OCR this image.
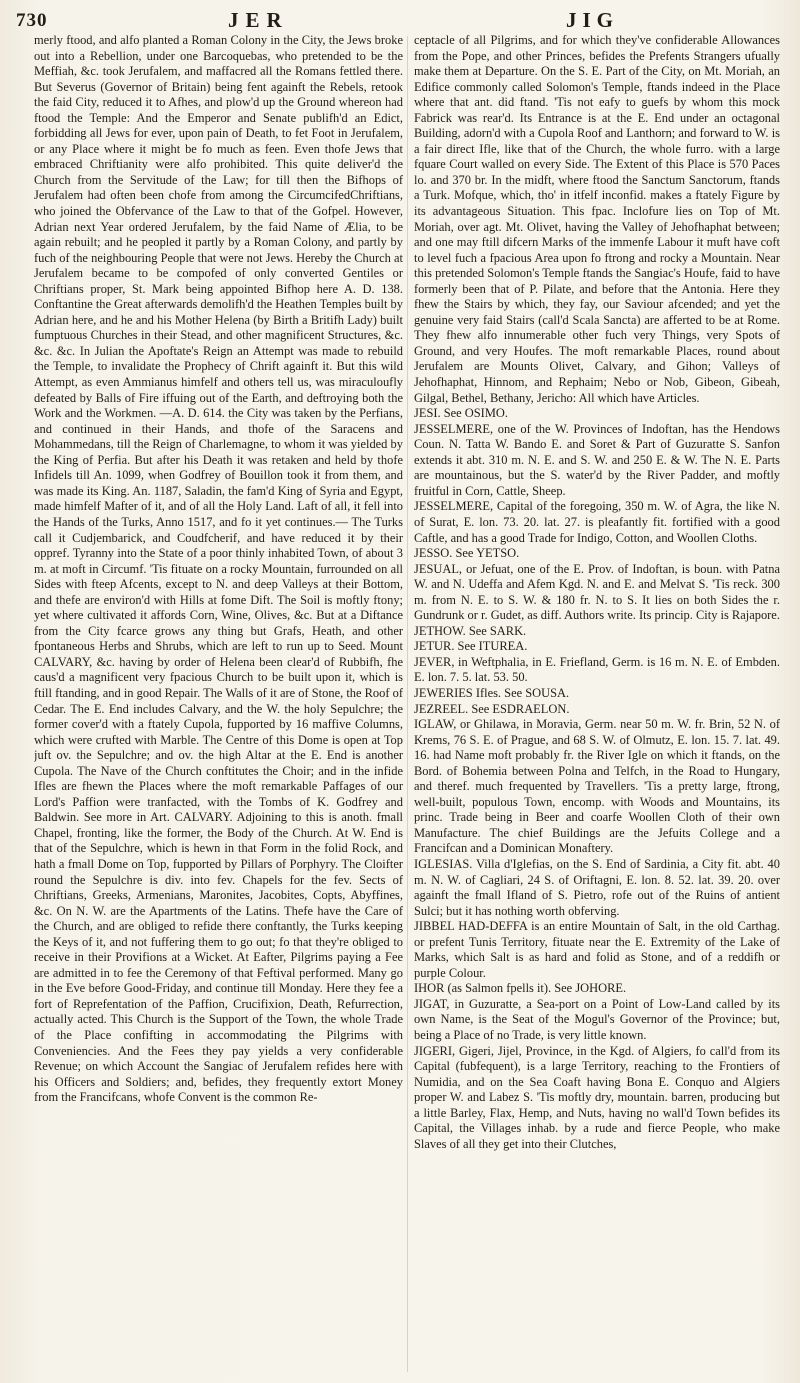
730	JER	JIG

merly ftood, and alfo planted a Roman Colony in the City, the Jews broke out into a Rebellion, under one Barcoquebas, who pretended to be the Meffiah, &c. took Jerufalem, and maffacred all the Romans fettled there. But Severus (Governor of Britain) being fent againft the Rebels, retook the faid City, reduced it to Afhes, and plow'd up the Ground whereon had ftood the Temple: And the Emperor and Senate publifh'd an Edict, forbidding all Jews for ever, upon pain of Death, to fet Foot in Jerufalem, or any Place where it might be fo much as feen. Even thofe Jews that embraced Chriftianity were alfo prohibited. This quite deliver'd the Church from the Servitude of the Law; for till then the Bifhops of Jerufalem had often been chofe from among the CircumcifedChriftians, who joined the Obfervance of the Law to that of the Gofpel. However, Adrian next Year ordered Jerufalem, by the faid Name of Ælia, to be again rebuilt; and he peopled it partly by a Roman Colony, and partly by fuch of the neighbouring People that were not Jews. Hereby the Church at Jerufalem became to be compofed of only converted Gentiles or Chriftians proper, St. Mark being appointed Bifhop here A. D. 138. Conftantine the Great afterwards demolifh'd the Heathen Temples built by Adrian here, and he and his Mother Helena (by Birth a Britifh Lady) built fumptuous Churches in their Stead, and other magnificent Structures, &c. &c. &c. In Julian the Apoftate's Reign an Attempt was made to rebuild the Temple, to invalidate the Prophecy of Chrift againft it. But this wild Attempt, as even Ammianus himfelf and others tell us, was miraculoufly defeated by Balls of Fire iffuing out of the Earth, and deftroying both the Work and the Workmen. —A. D. 614. the City was taken by the Perfians, and continued in their Hands, and thofe of the Saracens and Mohammedans, till the Reign of Charlemagne, to whom it was yielded by the King of Perfia. But after his Death it was retaken and held by thofe Infidels till An. 1099, when Godfrey of Bouillon took it from them, and was made its King. An. 1187, Saladin, the fam'd King of Syria and Egypt, made himfelf Mafter of it, and of all the Holy Land. Laft of all, it fell into the Hands of the Turks, Anno 1517, and fo it yet continues.— The Turks call it Cudjembarick, and Coudfcherif, and have reduced it by their oppref. Tyranny into the State of a poor thinly inhabited Town, of about 3 m. at moft in Circumf. 'Tis fituate on a rocky Mountain, furrounded on all Sides with fteep Afcents, except to N. and deep Valleys at their Bottom, and thefe are environ'd with Hills at fome Dift. The Soil is moftly ftony; yet where cultivated it affords Corn, Wine, Olives, &c. But at a Diftance from the City fcarce grows any thing but Grafs, Heath, and other fpontaneous Herbs and Shrubs, which are left to run up to Seed. Mount CALVARY, &c. having by order of Helena been clear'd of Rubbifh, fhe caus'd a magnificent very fpacious Church to be built upon it, which is ftill ftanding, and in good Repair. The Walls of it are of Stone, the Roof of Cedar. The E. End includes Calvary, and the W. the holy Sepulchre; the former cover'd with a ftately Cupola, fupported by 16 maffive Columns, which were crufted with Marble. The Centre of this Dome is open at Top juft ov. the Sepulchre; and ov. the high Altar at the E. End is another Cupola. The Nave of the Church conftitutes the Choir; and in the infide Ifles are fhewn the Places where the moft remarkable Paffages of our Lord's Paffion were tranfacted, with the Tombs of K. Godfrey and Baldwin. See more in Art. CALVARY. Adjoining to this is anoth. fmall Chapel, fronting, like the former, the Body of the Church. At W. End is that of the Sepulchre, which is hewn in that Form in the folid Rock, and hath a fmall Dome on Top, fupported by Pillars of Porphyry. The Cloifter round the Sepulchre is div. into fev. Chapels for the fev. Sects of Chriftians, Greeks, Armenians, Maronites, Jacobites, Copts, Abyffines, &c. On N. W. are the Apartments of the Latins. Thefe have the Care of the Church, and are obliged to refide there conftantly, the Turks keeping the Keys of it, and not fuffering them to go out; fo that they're obliged to receive in their Provifions at a Wicket. At Eafter, Pilgrims paying a Fee are admitted in to fee the Ceremony of that Feftival performed. Many go in the Eve before Good-Friday, and continue till Monday. Here they fee a fort of Reprefentation of the Paffion, Crucifixion, Death, Refurrection, actually acted. This Church is the Support of the Town, the whole Trade of the Place confifting in accommodating the Pilgrims with Conveniencies. And the Fees they pay yields a very confiderable Revenue; on which Account the Sangiac of Jerufalem refides here with his Officers and Soldiers; and, befides, they frequently extort Money from the Francifcans, whofe Convent is the common Re-

ceptacle of all Pilgrims, and for which they've confiderable Allowances from the Pope, and other Princes, befides the Prefents Strangers ufually make them at Departure. On the S. E. Part of the City, on Mt. Moriah, an Edifice commonly called Solomon's Temple, ftands indeed in the Place where that ant. did ftand. 'Tis not eafy to guefs by whom this mock Fabrick was rear'd. Its Entrance is at the E. End under an octagonal Building, adorn'd with a Cupola Roof and Lanthorn; and forward to W. is a fair direct Ifle, like that of the Church, the whole furro. with a large fquare Court walled on every Side. The Extent of this Place is 570 Paces lo. and 370 br. In the midft, where ftood the Sanctum Sanctorum, ftands a Turk. Mofque, which, tho' in itfelf inconfid. makes a ftately Figure by its advantageous Situation. This fpac. Inclofure lies on Top of Mt. Moriah, over agt. Mt. Olivet, having the Valley of Jehofhaphat between; and one may ftill difcern Marks of the immenfe Labour it muft have coft to level fuch a fpacious Area upon fo ftrong and rocky a Mountain. Near this pretended Solomon's Temple ftands the Sangiac's Houfe, faid to have formerly been that of P. Pilate, and before that the Antonia. Here they fhew the Stairs by which, they fay, our Saviour afcended; and yet the genuine very faid Stairs (call'd Scala Sancta) are afferted to be at Rome. They fhew alfo innumerable other fuch very Things, very Spots of Ground, and very Houfes. The moft remarkable Places, round about Jerufalem are Mounts Olivet, Calvary, and Gihon; Valleys of Jehofhaphat, Hinnom, and Rephaim; Nebo or Nob, Gibeon, Gibeah, Gilgal, Bethel, Bethany, Jericho: All which have Articles.

JESI. See OSIMO.

JESSELMERE, one of the W. Provinces of Indoftan, has the Hendows Coun. N. Tatta W. Bando E. and Soret & Part of Guzuratte S. Sanfon extends it abt. 310 m. N. E. and S. W. and 250 E. & W. The N. E. Parts are mountainous, but the S. water'd by the River Padder, and moftly fruitful in Corn, Cattle, Sheep.

JESSELMERE, Capital of the foregoing, 350 m. W. of Agra, the like N. of Surat, E. lon. 73. 20. lat. 27. is pleafantly fit. fortified with a good Caftle, and has a good Trade for Indigo, Cotton, and Woollen Cloths.

JESSO. See YETSO.

JESUAL, or Jefuat, one of the E. Prov. of Indoftan, is boun. with Patna W. and N. Udeffa and Afem Kgd. N. and E. and Melvat S. 'Tis reck. 300 m. from N. E. to S. W. & 180 fr. N. to S. It lies on both Sides the r. Gundrunk or r. Gudet, as diff. Authors write. Its princip. City is Rajapore.

JETHOW. See SARK.

JETUR. See ITUREA.

JEVER, in Weftphalia, in E. Friefland, Germ. is 16 m. N. E. of Embden. E. lon. 7. 5. lat. 53. 50.

JEWERIES Ifles. See SOUSA.

JEZREEL. See ESDRAELON.

IGLAW, or Ghilawa, in Moravia, Germ. near 50 m. W. fr. Brin, 52 N. of Krems, 76 S. E. of Prague, and 68 S. W. of Olmutz, E. lon. 15. 7. lat. 49. 16. had Name moft probably fr. the River Igle on which it ftands, on the Bord. of Bohemia between Polna and Telfch, in the Road to Hungary, and theref. much frequented by Travellers. 'Tis a pretty large, ftrong, well-built, populous Town, encomp. with Woods and Mountains, its princ. Trade being in Beer and coarfe Woollen Cloth of their own Manufacture. The chief Buildings are the Jefuits College and a Francifcan and a Dominican Monaftery.

IGLESIAS. Villa d'Iglefias, on the S. End of Sardinia, a City fit. abt. 40 m. N. W. of Cagliari, 24 S. of Oriftagni, E. lon. 8. 52. lat. 39. 20. over againft the fmall Ifland of S. Pietro, rofe out of the Ruins of antient Sulci; but it has nothing worth obferving.

JIBBEL HAD-DEFFA is an entire Mountain of Salt, in the old Carthag. or prefent Tunis Territory, fituate near the E. Extremity of the Lake of Marks, which Salt is as hard and folid as Stone, and of a reddifh or purple Colour.

IHOR (as Salmon fpells it). See JOHORE.

JIGAT, in Guzuratte, a Sea-port on a Point of Low-Land called by its own Name, is the Seat of the Mogul's Governor of the Province; but, being a Place of no Trade, is very little known.

JIGERI, Gigeri, Jijel, Province, in the Kgd. of Algiers, fo call'd from its Capital (fubfequent), is a large Territory, reaching to the Frontiers of Numidia, and on the Sea Coaft having Bona E. Conquo and Algiers proper W. and Labez S. 'Tis moftly dry, mountain. barren, producing but a little Barley, Flax, Hemp, and Nuts, having no wall'd Town befides its Capital, the Villages inhab. by a rude and fierce People, who make Slaves of all they get into their Clutches,
